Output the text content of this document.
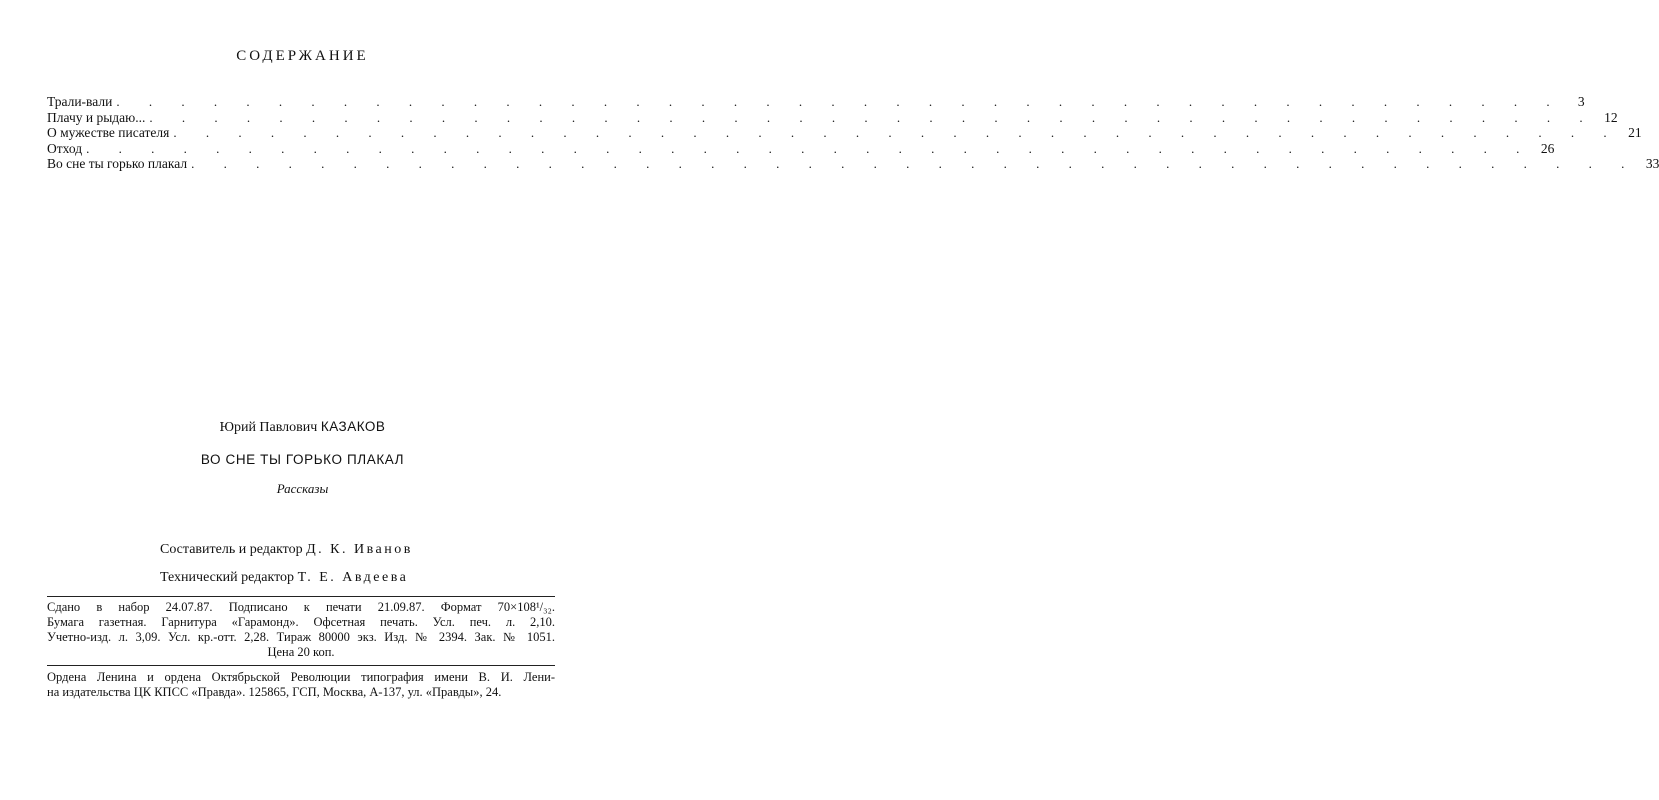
СОДЕРЖАНИЕ
Трали-вали . . . . . . . . . . . . . . . . . . . . . . . . . . . . . . . . . . . . . . . . . . . . .	3
Плачу и рыдаю... . . . . . . . . . . . . . . . . . . . . . . . . . . . . . . . . . . . . . . . . . . . . . 12
О мужестве писателя . . . . . . . . . . . . . . . . . . . . . . . . . . . . . . . . . . . . . . . . . . . . . 21
Отход . . . . . . . . . . . . . . . . . . . . . . . . . . . . . . . . . . . . . . . . . . . . . 26
Во сне ты горько плакал . . . . . . . . . . . . . . . . . . . . . . . . . . . . . . . . . . . . . . . . . . . . . 33
Юрий Павлович КАЗАКОВ
ВО СНЕ ТЫ ГОРЬКО ПЛАКАЛ
Рассказы
Составитель и редактор Д. К. Иванов
Технический редактор Т. Е. Авдеева
Сдано в набор 24.07.87. Подписано к печати 21.09.87. Формат 70×108¹/₃₂.
Бумага газетная. Гарнитура «Гарамонд». Офсетная печать. Усл. печ. л. 2,10.
Учетно-изд. л. 3,09. Усл. кр.-отт. 2,28. Тираж 80000 экз. Изд. № 2394. Зак. № 1051.
Цена 20 коп.
Ордена Ленина и ордена Октябрьской Революции типография имени В. И. Лени-
на издательства ЦК КПСС «Правда». 125865, ГСП, Москва, А-137, ул. «Правды», 24.
